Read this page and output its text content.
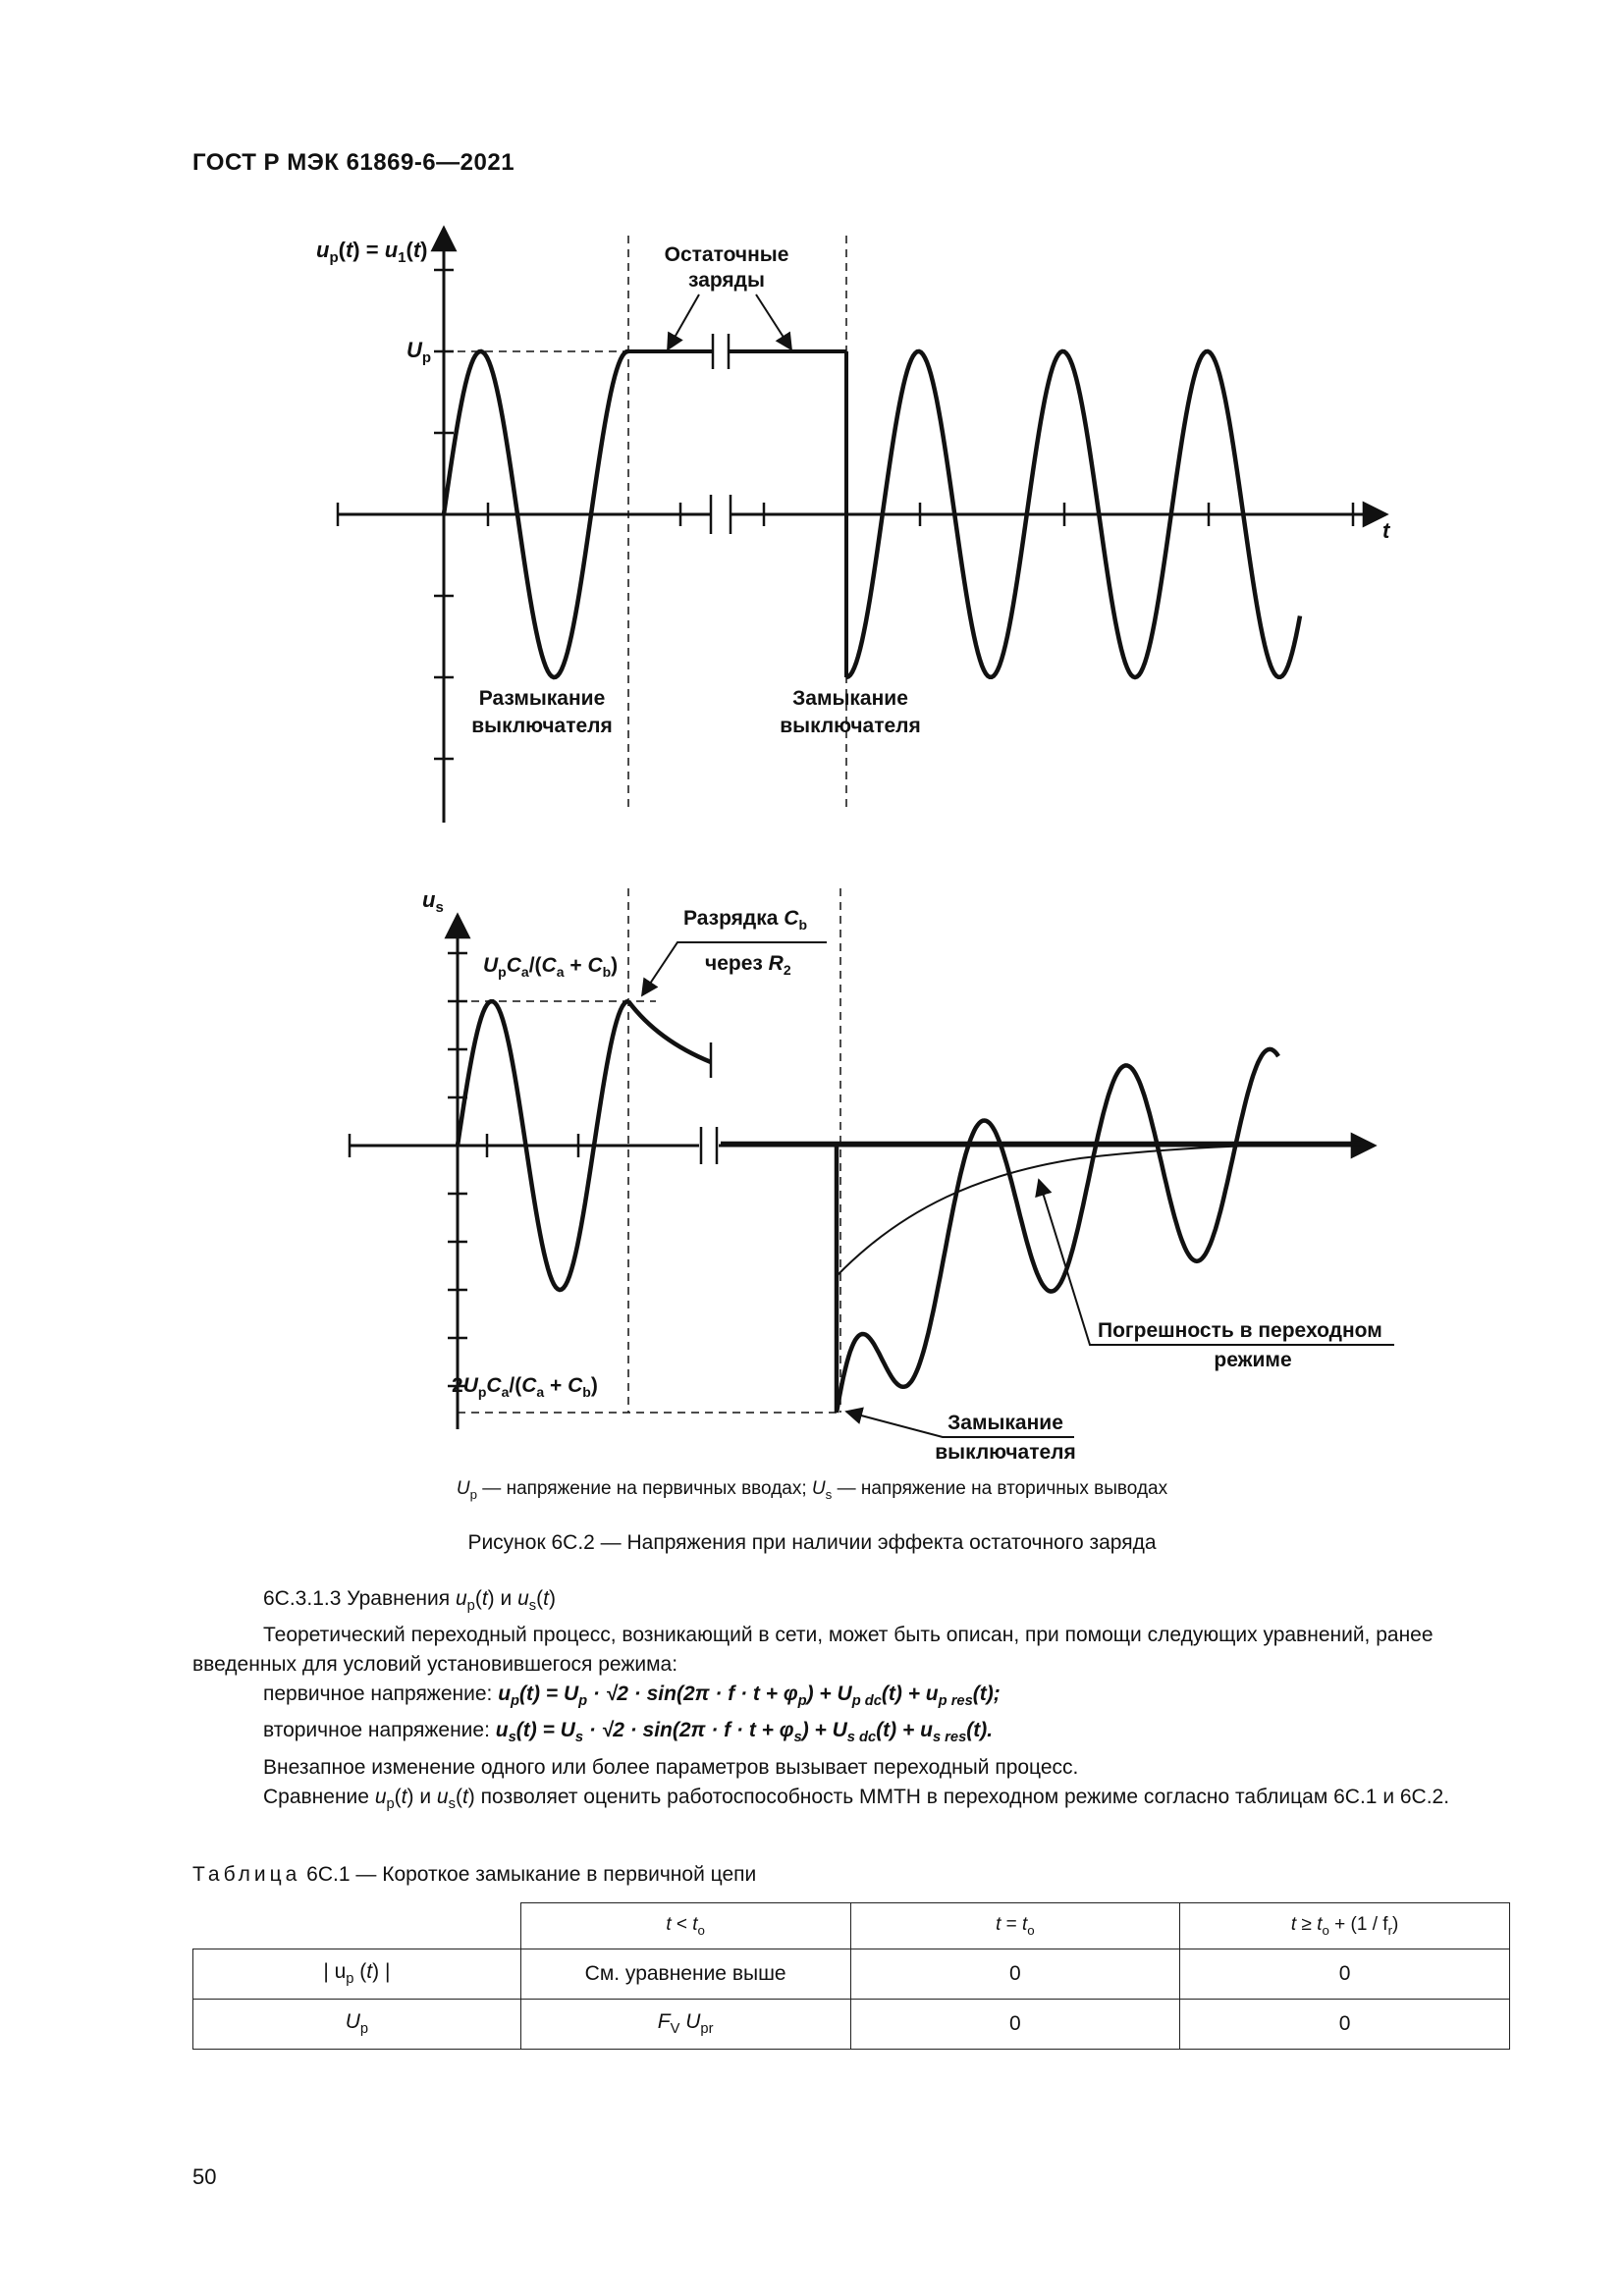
ГОСТ Р МЭК 61869-6—2021
$u_p(t) = u_1(t)$
$U_p$
t
Остаточные
заряды
Размыкание
выключателя
Замыкание
выключателя
$u_s$
$U_pC_a/(C_a + C_b)$
$2U_pC_a/(C_a + C_b)$
Разрядка $C_b$
через $R_2$
Погрешность в переходном
режиме
Замыкание
выключателя
$U_p$ — напряжение на первичных вводах; $U_s$ — напряжение на вторичных выводах
Рисунок 6С.2 — Напряжения при наличии эффекта остаточного заряда

6С.3.1.3 Уравнения $u_p(t)$ и $u_s(t)$

Теоретический переходный процесс, возникающий в сети, может быть описан, при помощи следующих уравнений, ранее введенных для условий установившегося режима:

первичное напряжение: $u_p(t) = U_p \cdot √2 \cdot \sin(2\pi \cdot f \cdot t + \varphi_p) + U_{p dc}(t) + u_{p res}(t)$;

вторичное напряжение: $u_s(t) = U_s \cdot √2 \cdot \sin(2\pi \cdot f \cdot t + \varphi_s) + U_{s dc}(t) + u_{s res}(t)$.

Внезапное изменение одного или более параметров вызывает переходный процесс.

Сравнение $u_p(t)$ и $u_s(t)$ позволяет оценить работоспособность ММТН в переходном режиме согласно таблицам 6С.1 и 6С.2.

Таблица 6С.1 — Короткое замыкание в первичной цепи
	$t < t_o$	$t = t_o$	$t \ge t_o + (1 / f_r)$
| $u_p$ (t) |	См. уравнение выше	0	0
$U_p$	$F_V$ $U_{pr}$	0	0
50
